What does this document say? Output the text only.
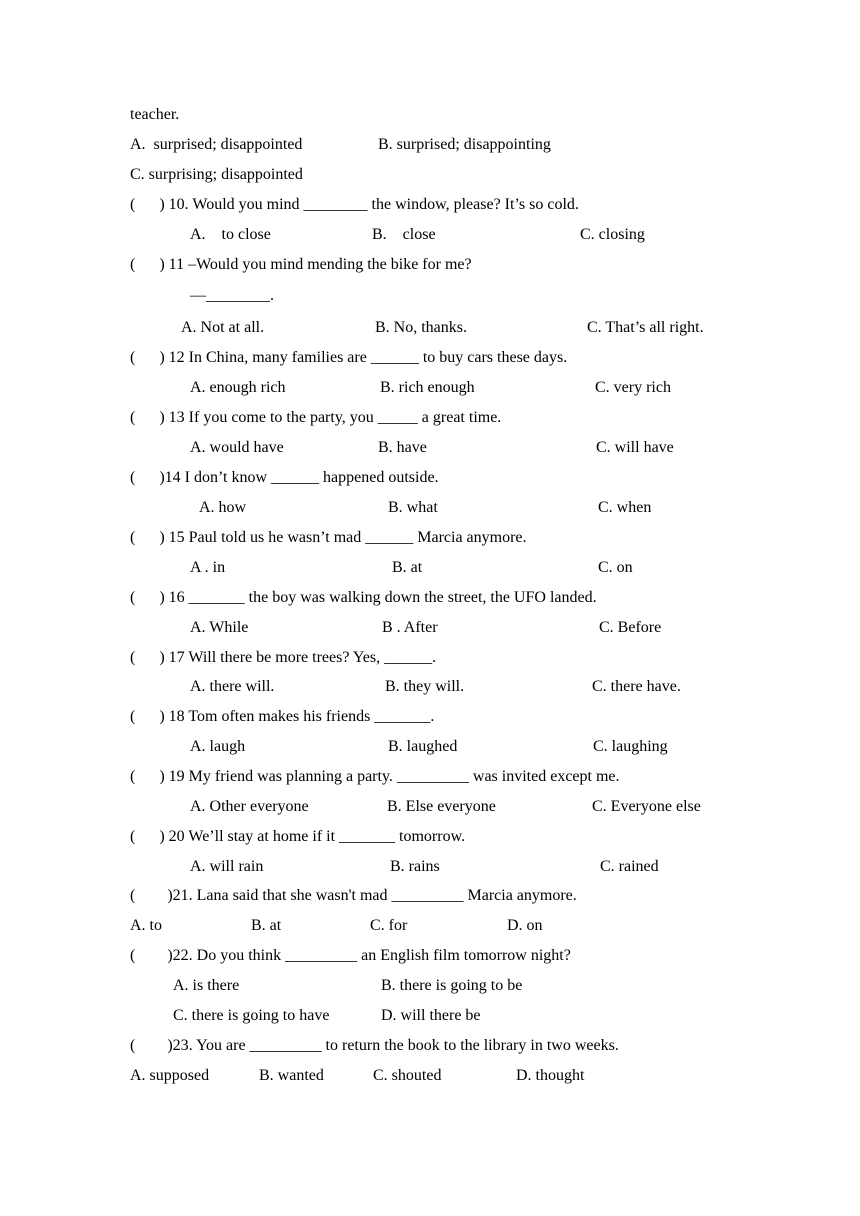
teacher.
A.  surprised; disappointed	B. surprised; disappointing
C. surprising; disappointed
(      ) 10. Would you mind ________ the window, please? It’s so cold.
A.    to close	B.    close	C. closing
(      ) 11 –Would you mind mending the bike for me?
—________.
A. Not at all.	B. No, thanks.	C. That’s all right.
(      ) 12 In China, many families are ______ to buy cars these days.
A. enough rich	B. rich enough	C. very rich
(      ) 13 If you come to the party, you _____ a great time.
A. would have	B. have	C. will have
(      )14 I don’t know ______ happened outside.
A. how	B. what	C. when
(      ) 15 Paul told us he wasn’t mad ______ Marcia anymore.
A . in	B. at	C. on
(      ) 16 _______ the boy was walking down the street, the UFO landed.
A. While	B . After	C. Before
(      ) 17 Will there be more trees? Yes, ______.
A. there will.	B. they will.	C. there have.
(      ) 18 Tom often makes his friends _______.
A. laugh	B. laughed	C. laughing
(      ) 19 My friend was planning a party. _________ was invited except me.
A. Other everyone	B. Else everyone	C. Everyone else
(      ) 20 We’ll stay at home if it _______ tomorrow.
A. will rain	B. rains	C. rained
(        )21. Lana said that she wasn't mad _________ Marcia anymore.
A. to	B. at	C. for	D. on
(        )22. Do you think _________ an English film tomorrow night?
A. is there	B. there is going to be
C. there is going to have	D. will there be
(        )23. You are _________ to return the book to the library in two weeks.
A. supposed	B. wanted	C. shouted	D. thought
